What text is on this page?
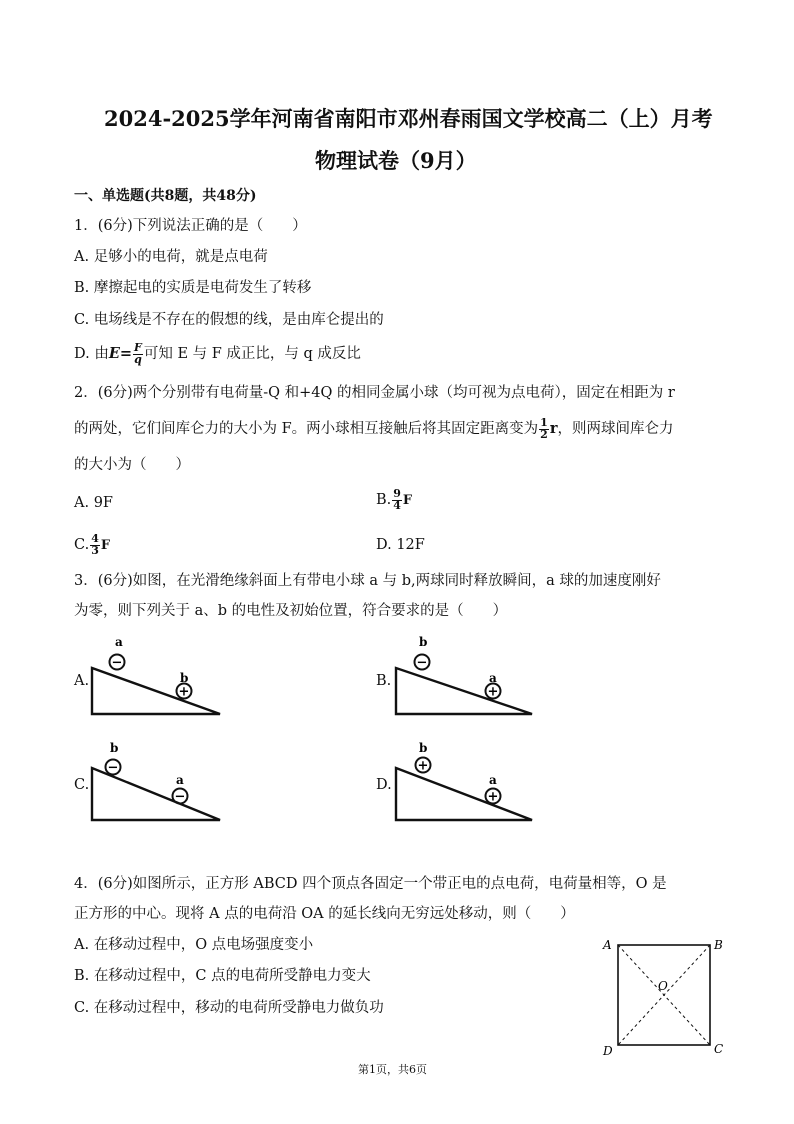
2024-2025学年河南省南阳市邓州春雨国文学校高二（上）月考
物理试卷（9月）
一、单选题(共8题，共48分)
1．(6分)下列说法正确的是（　　）
A. 足够小的电荷，就是点电荷
B. 摩擦起电的实质是电荷发生了转移
C. 电场线是不存在的假想的线，是由库仑提出的
D. 由 $E= \frac{F}{q}$ 可知 E 与 F 成正比，与 q 成反比
2．(6分)两个分别带有电荷量-Q 和+4Q 的相同金属小球（均可视为点电荷），固定在相距为 r
的两处，它们间库仑力的大小为 F。两小球相互接触后将其固定距离变为 $\frac{1}{2}$ r ，则两球间库仑力
的大小为（　　）
A. 9F	B. $\frac{9}{4}$ F
C. $\frac{4}{3}$ F	D. 12F
3．(6分)如图，在光滑绝缘斜面上有带电小球 a 与 b,两球同时释放瞬间，a 球的加速度刚好
为零，则下列关于 a、b 的电性及初始位置，符合要求的是（　　）
A.
a
−
b
+
B.
b
−
a
+
C.
b
−
a
−
D.
b
+
a
+
4．(6分)如图所示，正方形 ABCD 四个顶点各固定一个带正电的点电荷，电荷量相等，O 是
正方形的中心。现将 A 点的电荷沿 OA 的延长线向无穷远处移动，则（　　）
A. 在移动过程中，O 点电场强度变小
B. 在移动过程中，C 点的电荷所受静电力变大
C. 在移动过程中，移动的电荷所受静电力做负功
A	B
C
D
O
第1页，共6页
